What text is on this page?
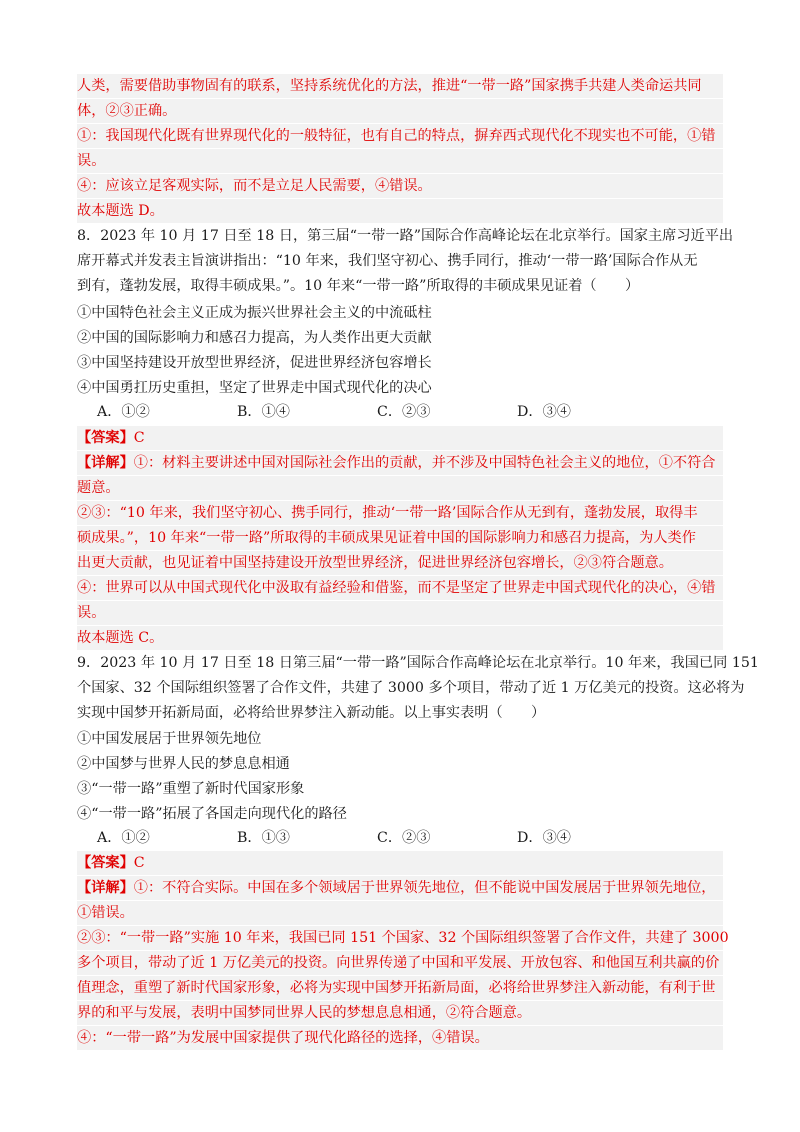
人类，需要借助事物固有的联系，坚持系统优化的方法，推进“一带一路”国家携手共建人类命运共同
体，②③正确。
①：我国现代化既有世界现代化的一般特征，也有自己的特点，摒弃西式现代化不现实也不可能，①错
误。
④：应该立足客观实际，而不是立足人民需要，④错误。
故本题选 D。
8．2023 年 10 月 17 日至 18 日，第三届“一带一路”国际合作高峰论坛在北京举行。国家主席习近平出
席开幕式并发表主旨演讲指出：“10 年来，我们坚守初心、携手同行，推动‘一带一路’国际合作从无
到有，蓬勃发展，取得丰硕成果。”。10 年来“一带一路”所取得的丰硕成果见证着（　　）
①中国特色社会主义正成为振兴世界社会主义的中流砥柱
②中国的国际影响力和感召力提高，为人类作出更大贡献
③中国坚持建设开放型世界经济，促进世界经济包容增长
④中国勇扛历史重担，坚定了世界走中国式现代化的决心
A．①②	B．①④	C．②③	D．③④
【答案】C
【详解】①：材料主要讲述中国对国际社会作出的贡献，并不涉及中国特色社会主义的地位，①不符合
题意。
②③：“10 年来，我们坚守初心、携手同行，推动‘一带一路’国际合作从无到有，蓬勃发展，取得丰
硕成果。”，10 年来“一带一路”所取得的丰硕成果见证着中国的国际影响力和感召力提高，为人类作
出更大贡献，也见证着中国坚持建设开放型世界经济，促进世界经济包容增长，②③符合题意。
④：世界可以从中国式现代化中汲取有益经验和借鉴，而不是坚定了世界走中国式现代化的决心，④错
误。
故本题选 C。
9．2023 年 10 月 17 日至 18 日第三届“一带一路”国际合作高峰论坛在北京举行。10 年来，我国已同 151
个国家、32 个国际组织签署了合作文件，共建了 3000 多个项目，带动了近 1 万亿美元的投资。这必将为
实现中国梦开拓新局面，必将给世界梦注入新动能。以上事实表明（　　）
①中国发展居于世界领先地位
②中国梦与世界人民的梦息息相通
③“一带一路”重塑了新时代国家形象
④“一带一路”拓展了各国走向现代化的路径
A．①②	B．①③	C．②③	D．③④
【答案】C
【详解】①：不符合实际。中国在多个领域居于世界领先地位，但不能说中国发展居于世界领先地位，
①错误。
②③：“一带一路”实施 10 年来，我国已同 151 个国家、32 个国际组织签署了合作文件，共建了 3000
多个项目，带动了近 1 万亿美元的投资。向世界传递了中国和平发展、开放包容、和他国互利共赢的价
值理念，重塑了新时代国家形象，必将为实现中国梦开拓新局面，必将给世界梦注入新动能，有利于世
界的和平与发展，表明中国梦同世界人民的梦想息息相通，②符合题意。
④：“一带一路”为发展中国家提供了现代化路径的选择，④错误。
